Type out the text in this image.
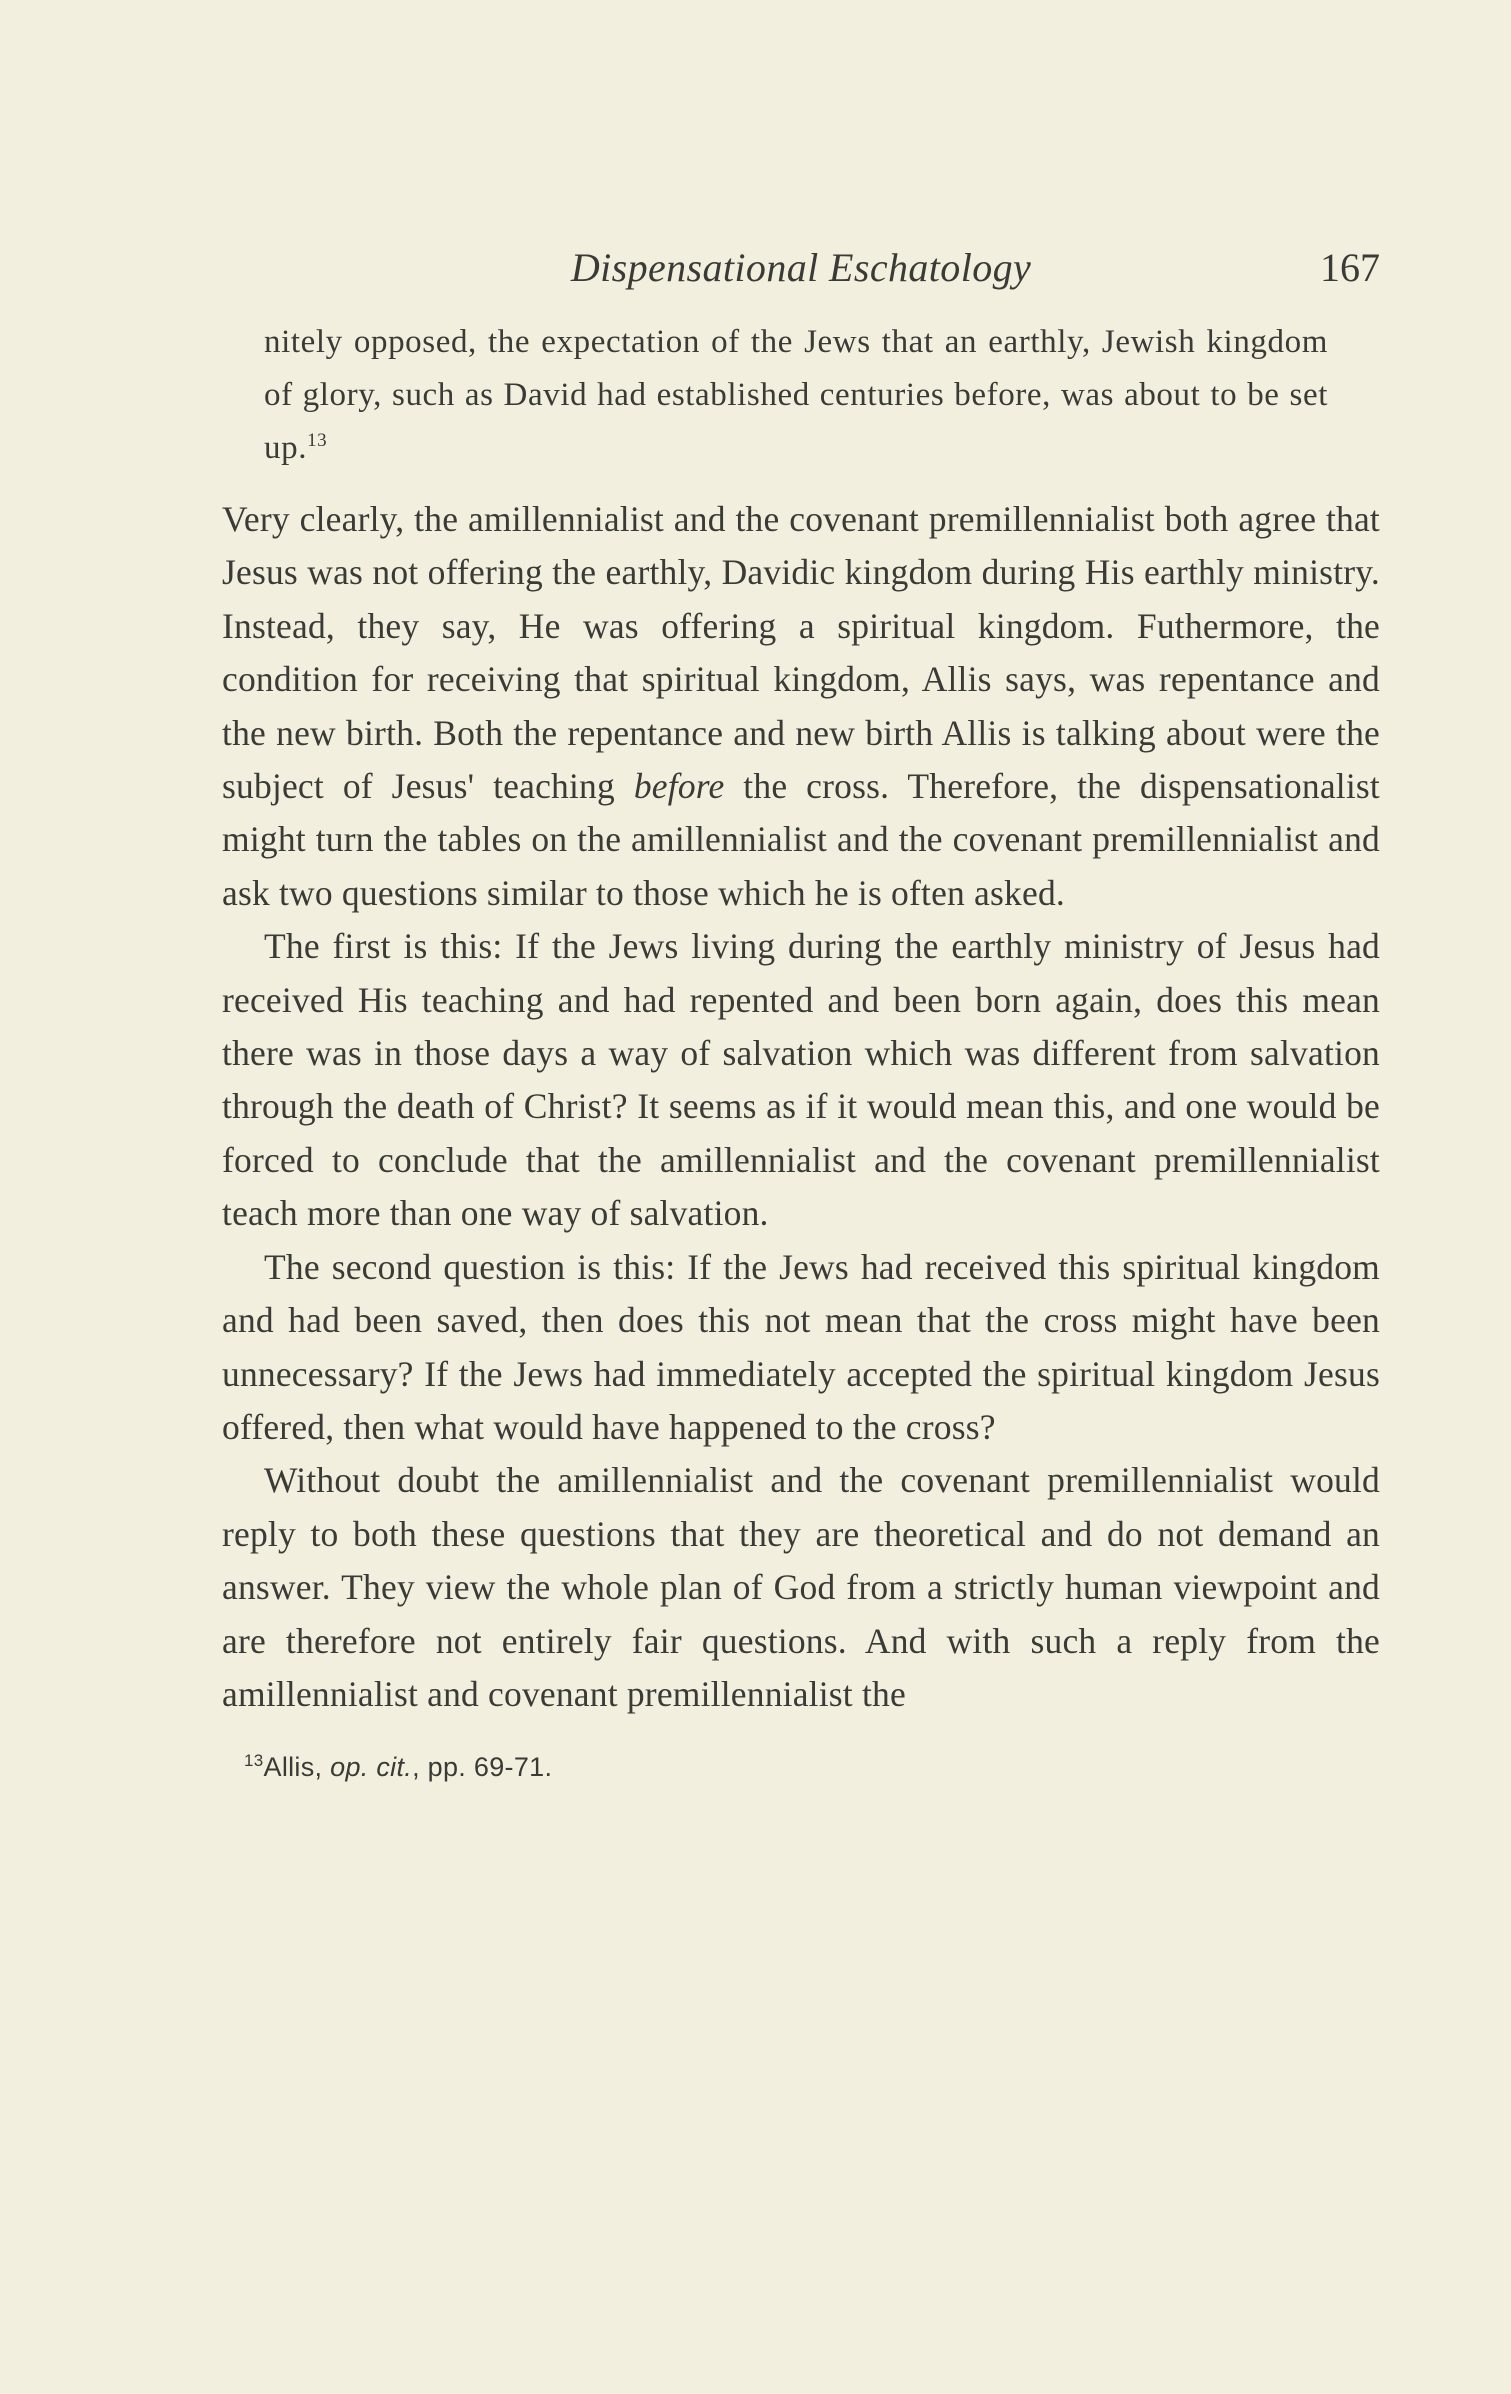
Dispensational Eschatology	167

nitely opposed, the expectation of the Jews that an earthly, Jewish kingdom of glory, such as David had established centuries before, was about to be set up.$^{13}$

Very clearly, the amillennialist and the covenant premillennialist both agree that Jesus was not offering the earthly, Davidic kingdom during His earthly ministry. Instead, they say, He was offering a spiritual kingdom. Futhermore, the condition for receiving that spiritual kingdom, Allis says, was repentance and the new birth. Both the repentance and new birth Allis is talking about were the subject of Jesus' teaching before the cross. Therefore, the dispensationalist might turn the tables on the amillennialist and the covenant premillennialist and ask two questions similar to those which he is often asked.

The first is this: If the Jews living during the earthly ministry of Jesus had received His teaching and had repented and been born again, does this mean there was in those days a way of salvation which was different from salvation through the death of Christ? It seems as if it would mean this, and one would be forced to conclude that the amillennialist and the covenant premillennialist teach more than one way of salvation.

The second question is this: If the Jews had received this spiritual kingdom and had been saved, then does this not mean that the cross might have been unnecessary? If the Jews had immediately accepted the spiritual kingdom Jesus offered, then what would have happened to the cross?

Without doubt the amillennialist and the covenant premillennialist would reply to both these questions that they are theoretical and do not demand an answer. They view the whole plan of God from a strictly human viewpoint and are therefore not entirely fair questions. And with such a reply from the amillennialist and covenant premillennialist the

$^{13}$Allis, op. cit., pp. 69-71.
